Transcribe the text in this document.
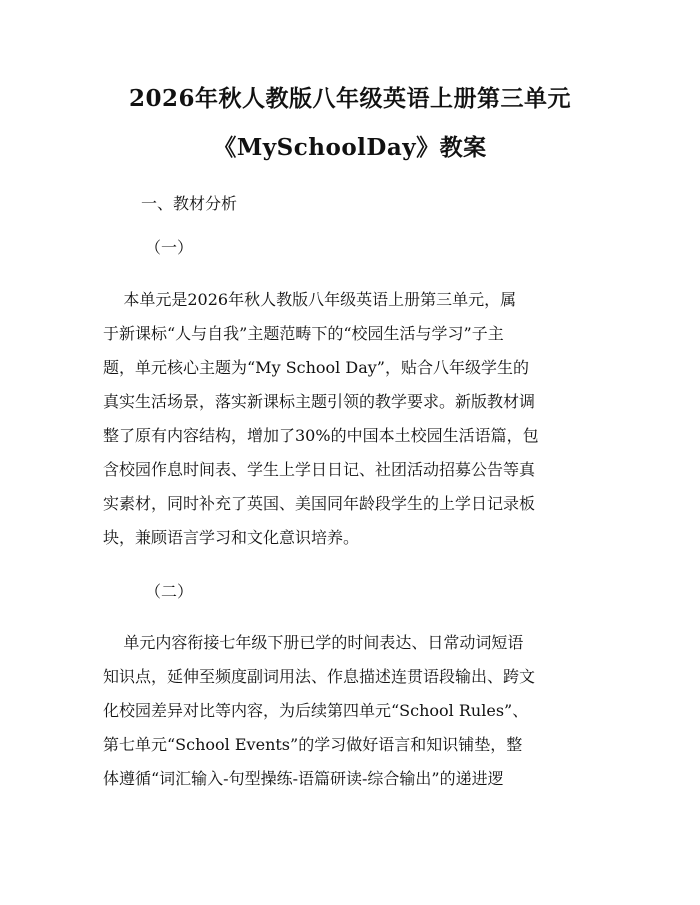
2026年秋人教版八年级英语上册第三单元
《MySchoolDay》教案
一、教材分析
（一）

本单元是2026年秋人教版八年级英语上册第三单元，属
于新课标“人与自我”主题范畴下的“校园生活与学习”子主
题，单元核心主题为“My School Day”，贴合八年级学生的
真实生活场景，落实新课标主题引领的教学要求。新版教材调
整了原有内容结构，增加了30%的中国本土校园生活语篇，包
含校园作息时间表、学生上学日日记、社团活动招募公告等真
实素材，同时补充了英国、美国同年龄段学生的上学日记录板
块，兼顾语言学习和文化意识培养。

（二）

单元内容衔接七年级下册已学的时间表达、日常动词短语
知识点，延伸至频度副词用法、作息描述连贯语段输出、跨文
化校园差异对比等内容，为后续第四单元“School Rules”、
第七单元“School Events”的学习做好语言和知识铺垫，整
体遵循“词汇输入-句型操练-语篇研读-综合输出”的递进逻
